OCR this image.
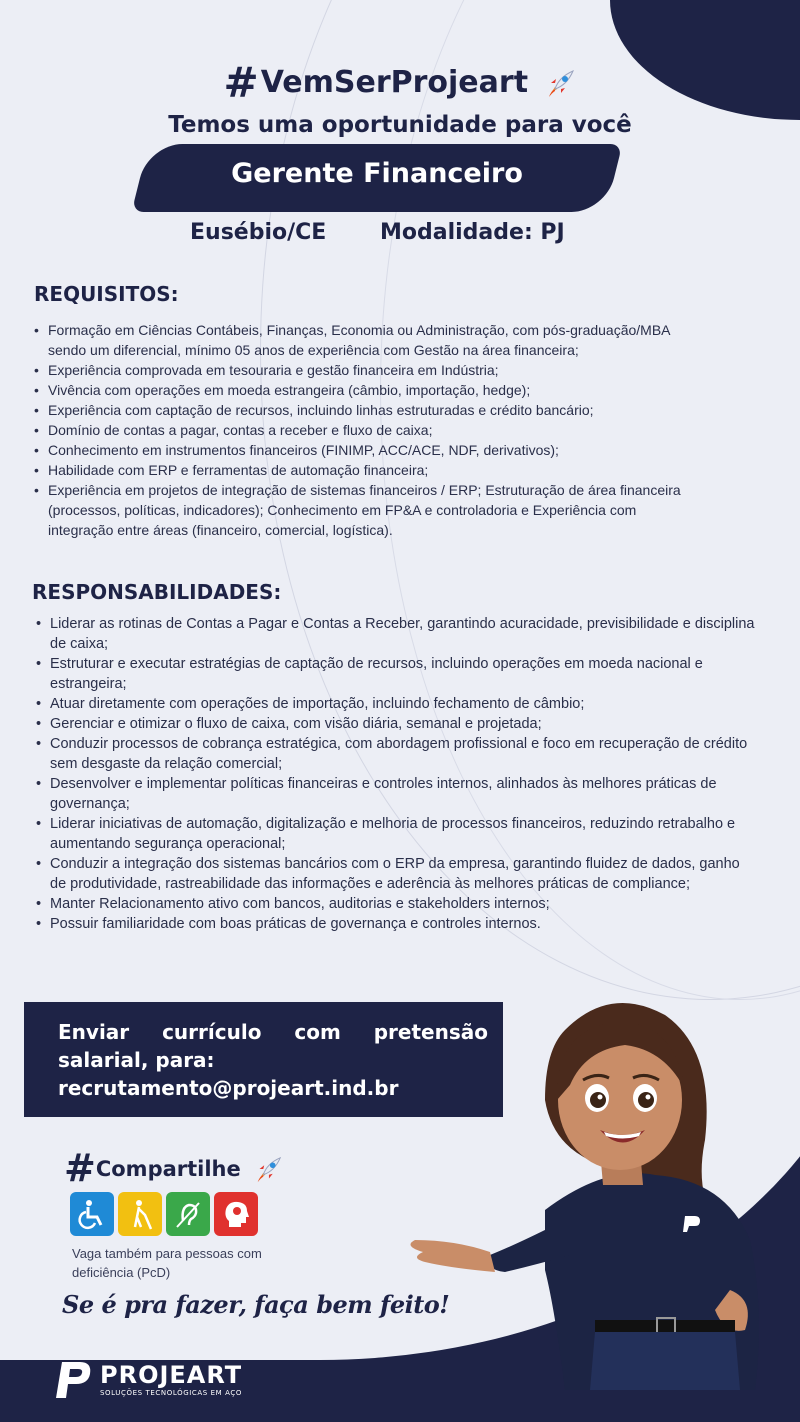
#VemSerProjeart
Temos uma oportunidade para você
Gerente Financeiro
Eusébio/CE Modalidade: PJ
REQUISITOS:
• Formação em Ciências Contábeis, Finanças, Economia ou Administração, com pós-graduação/MBA sendo um diferencial, mínimo 05 anos de experiência com Gestão na área financeira;
• Experiência comprovada em tesouraria e gestão financeira em Indústria;
• Vivência com operações em moeda estrangeira (câmbio, importação, hedge);
• Experiência com captação de recursos, incluindo linhas estruturadas e crédito bancário;
• Domínio de contas a pagar, contas a receber e fluxo de caixa;
• Conhecimento em instrumentos financeiros (FINIMP, ACC/ACE, NDF, derivativos);
• Habilidade com ERP e ferramentas de automação financeira;
• Experiência em projetos de integração de sistemas financeiros / ERP; Estruturação de área financeira (processos, políticas, indicadores); Conhecimento em FP&A e controladoria e Experiência com integração entre áreas (financeiro, comercial, logística).
RESPONSABILIDADES:
• Liderar as rotinas de Contas a Pagar e Contas a Receber, garantindo acuracidade, previsibilidade e disciplina de caixa;
• Estruturar e executar estratégias de captação de recursos, incluindo operações em moeda nacional e estrangeira;
• Atuar diretamente com operações de importação, incluindo fechamento de câmbio;
• Gerenciar e otimizar o fluxo de caixa, com visão diária, semanal e projetada;
• Conduzir processos de cobrança estratégica, com abordagem profissional e foco em recuperação de crédito sem desgaste da relação comercial;
• Desenvolver e implementar políticas financeiras e controles internos, alinhados às melhores práticas de governança;
• Liderar iniciativas de automação, digitalização e melhoria de processos financeiros, reduzindo retrabalho e aumentando segurança operacional;
• Conduzir a integração dos sistemas bancários com o ERP da empresa, garantindo fluidez de dados, ganho de produtividade, rastreabilidade das informações e aderência às melhores práticas de compliance;
• Manter Relacionamento ativo com bancos, auditorias e stakeholders internos;
• Possuir familiaridade com boas práticas de governança e controles internos.
Enviar currículo com pretensão
salarial, para:
recrutamento@projeart.ind.br
#Compartilhe
Vaga também para pessoas com deficiência (PcD)
Se é pra fazer, faça bem feito!
PROJEART
SOLUÇÕES TECNOLÓGICAS EM AÇO
